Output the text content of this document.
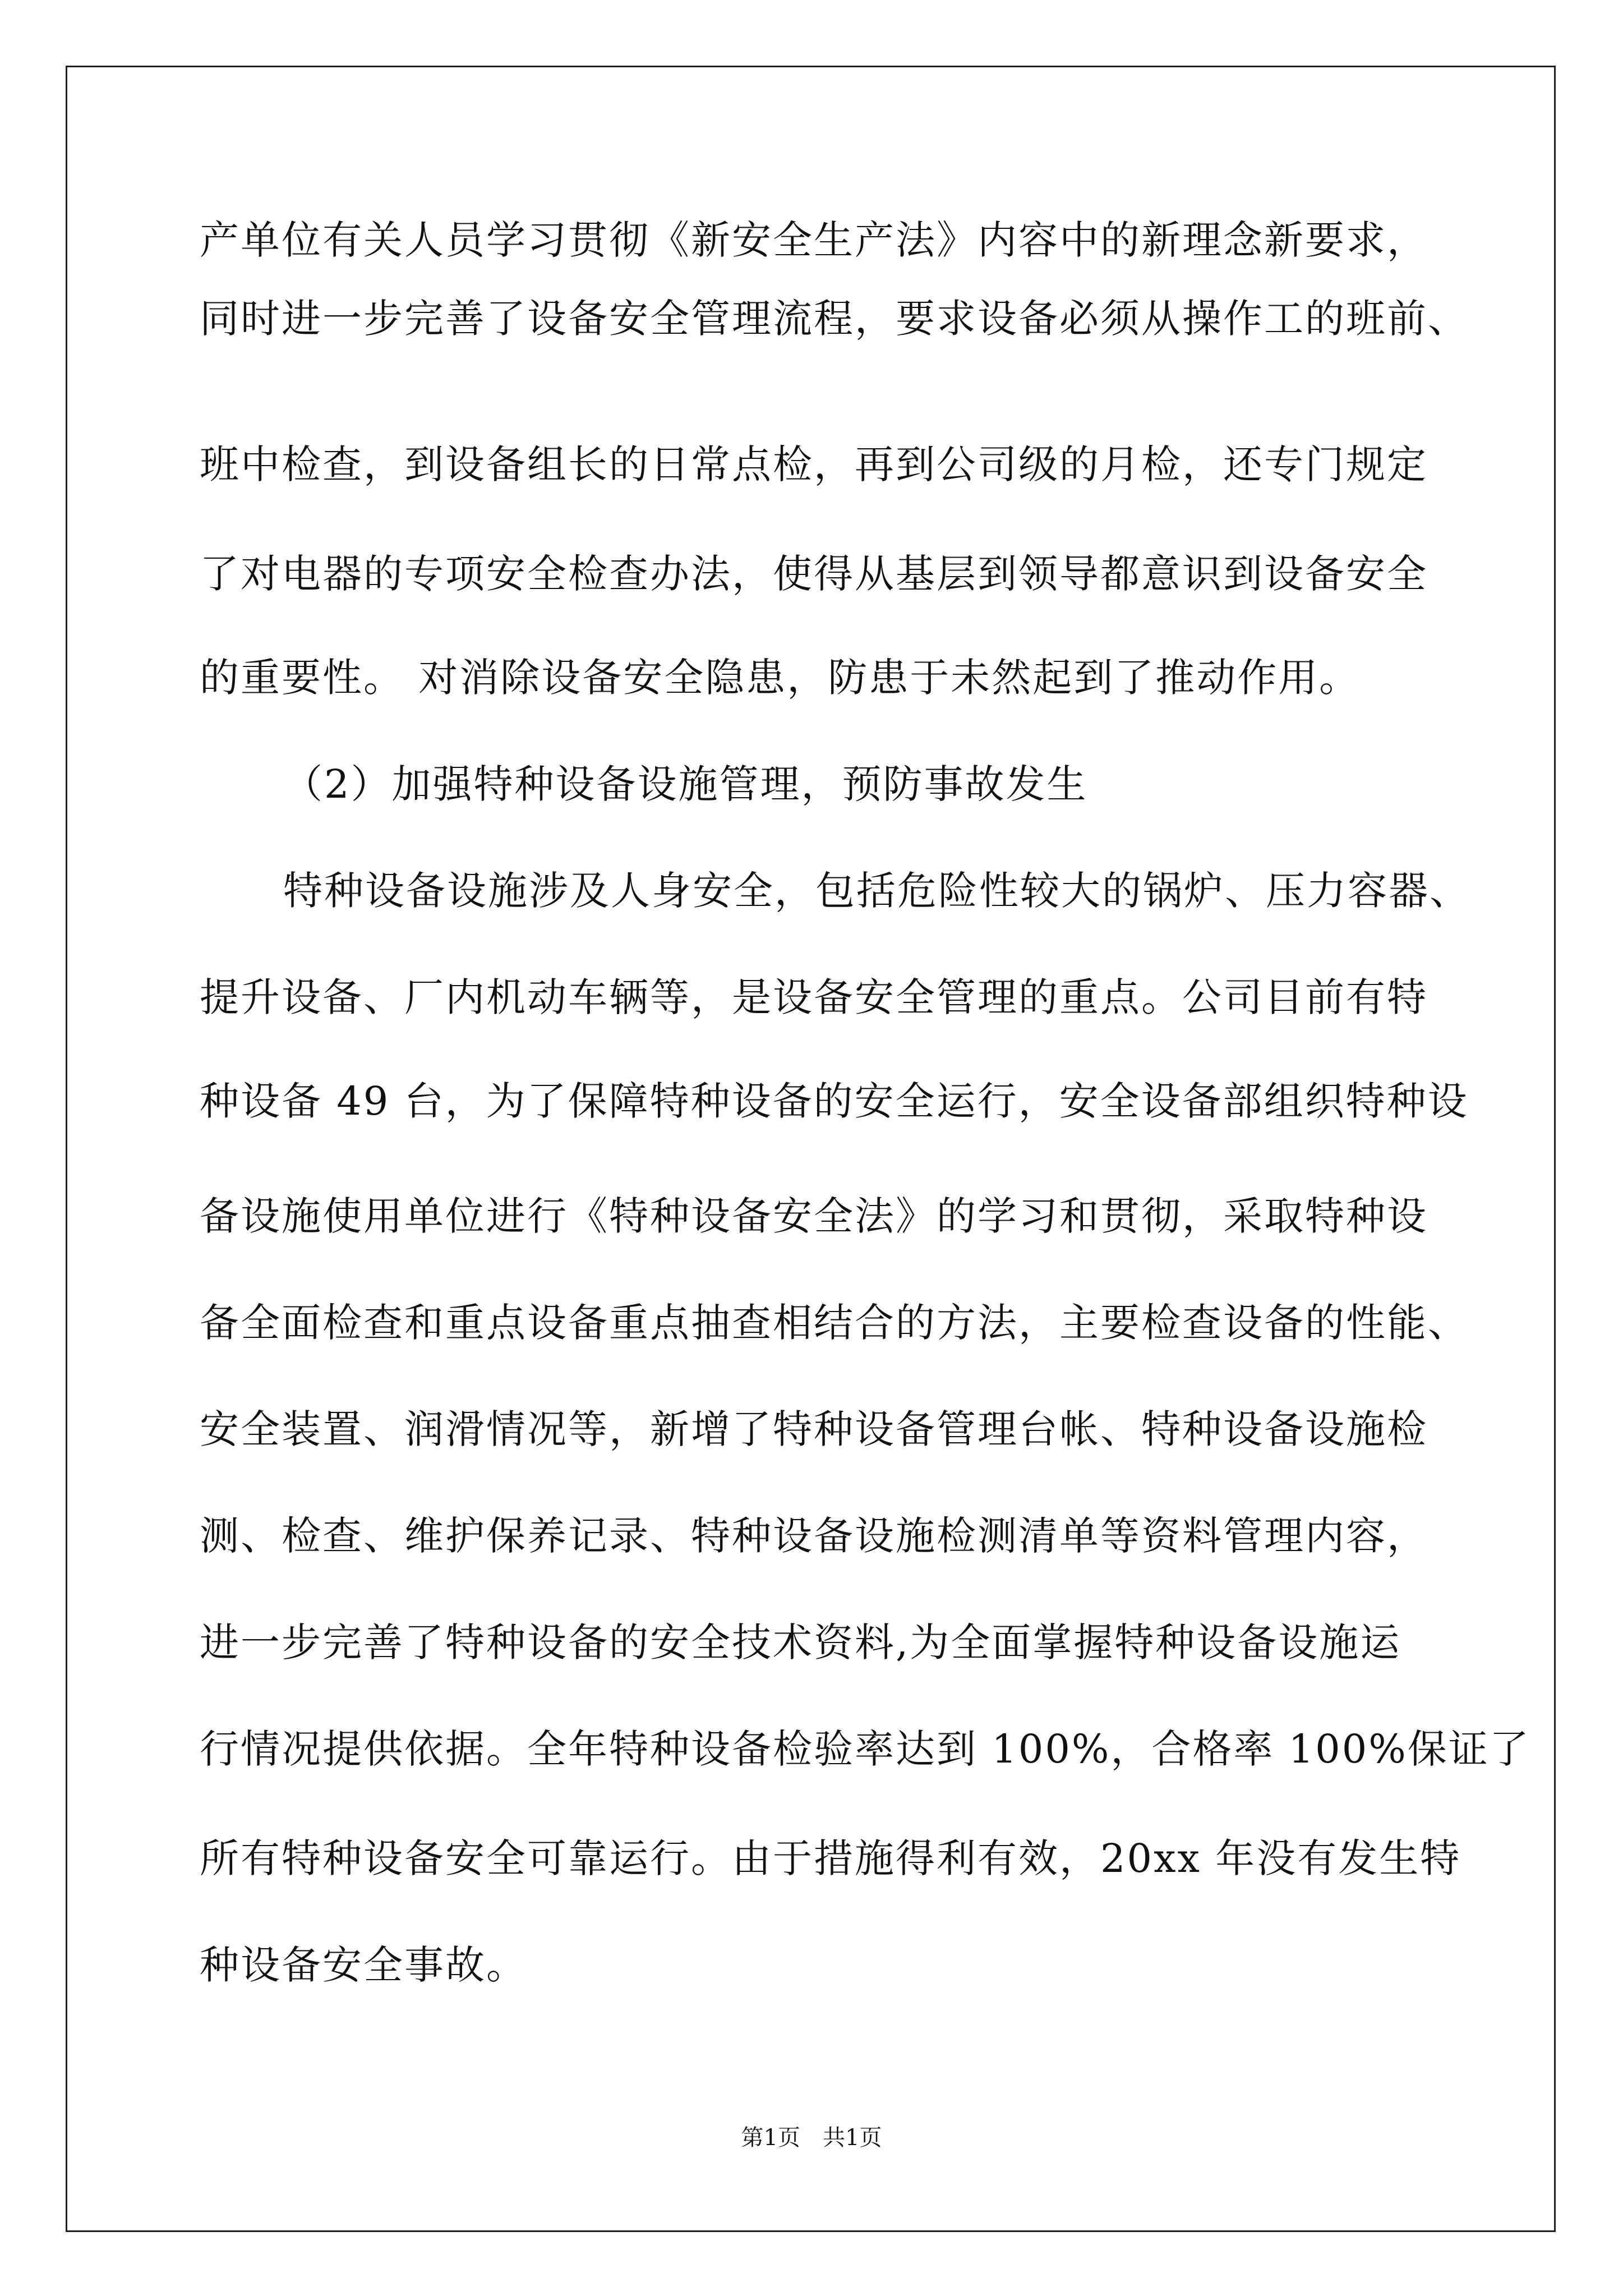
产单位有关人员学习贯彻《新安全生产法》内容中的新理念新要求，
同时进一步完善了设备安全管理流程，要求设备必须从操作工的班前、
班中检查，到设备组长的日常点检，再到公司级的月检，还专门规定
了对电器的专项安全检查办法，使得从基层到领导都意识到设备安全
的重要性。 对消除设备安全隐患，防患于未然起到了推动作用。
（2）加强特种设备设施管理，预防事故发生
特种设备设施涉及人身安全，包括危险性较大的锅炉、压力容器、
提升设备、厂内机动车辆等，是设备安全管理的重点。公司目前有特
种设备 49 台，为了保障特种设备的安全运行，安全设备部组织特种设
备设施使用单位进行《特种设备安全法》的学习和贯彻，采取特种设
备全面检查和重点设备重点抽查相结合的方法，主要检查设备的性能、
安全装置、润滑情况等，新增了特种设备管理台帐、特种设备设施检
测、检查、维护保养记录、特种设备设施检测清单等资料管理内容，
进一步完善了特种设备的安全技术资料,为全面掌握特种设备设施运
行情况提供依据。全年特种设备检验率达到 100%，合格率 100%保证了
所有特种设备安全可靠运行。由于措施得利有效，20xx 年没有发生特
种设备安全事故。
第1页 共1页
